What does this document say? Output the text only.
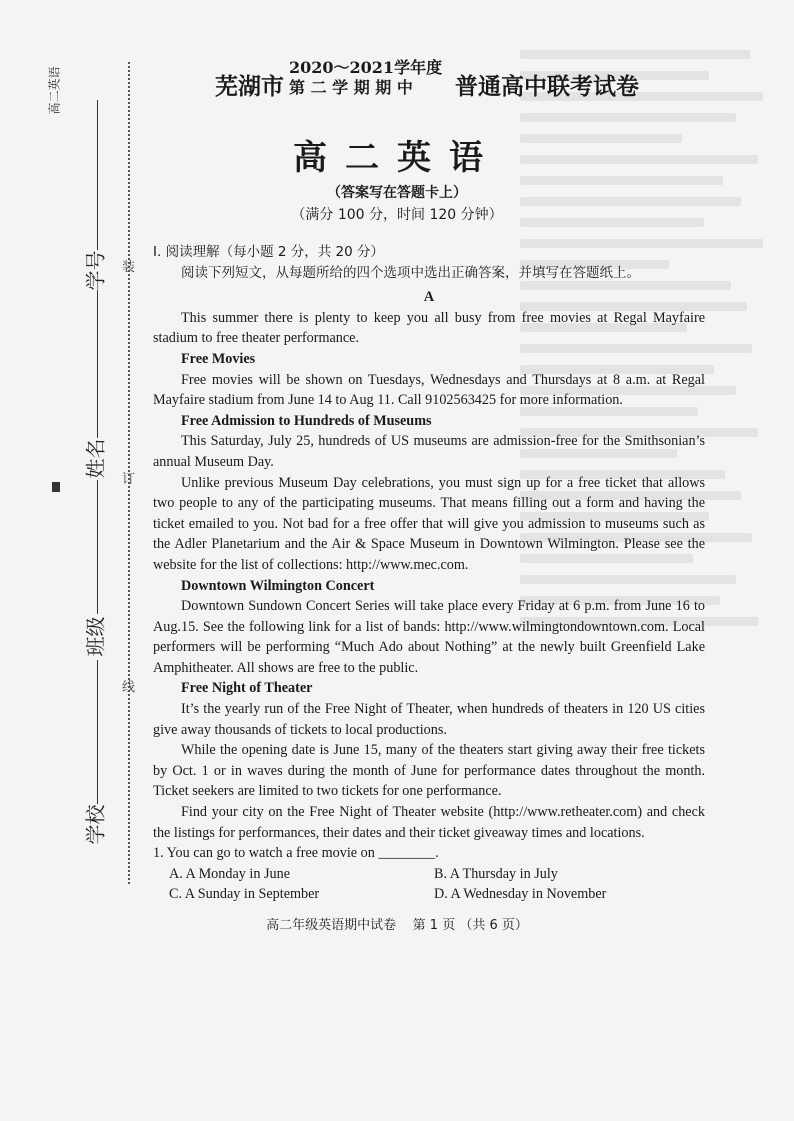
高二英语
学号
姓名
班级
学校
装
订
线
芜湖市
2020～2021学年度
第 二 学 期 期 中	普通高中联考试卷
高二英语
（答案写在答题卡上）
（满分 100 分，时间 120 分钟）

Ⅰ. 阅读理解（每小题 2 分，共 20 分）

阅读下列短文，从每题所给的四个选项中选出正确答案，并填写在答题纸上。

A

This summer there is plenty to keep you all busy from free movies at Regal Mayfaire stadium to free theater performance.

Free Movies

Free movies will be shown on Tuesdays, Wednesdays and Thursdays at 8 a.m. at Regal Mayfaire stadium from June 14 to Aug 11. Call 9102563425 for more information.

Free Admission to Hundreds of Museums

This Saturday, July 25, hundreds of US museums are admission-free for the Smithsonian’s annual Museum Day.

Unlike previous Museum Day celebrations, you must sign up for a free ticket that allows two people to any of the participating museums. That means filling out a form and having the ticket emailed to you. Not bad for a free offer that will give you admission to museums such as the Adler Planetarium and the Air & Space Museum in Downtown Wilmington. Please see the website for the list of collections: http://www.mec.com.

Downtown Wilmington Concert

Downtown Sundown Concert Series will take place every Friday at 6 p.m. from June 16 to Aug.15. See the following link for a list of bands: http://www.wilmingtondowntown.com. Local performers will be performing “Much Ado about Nothing” at the newly built Greenfield Lake Amphitheater. All shows are free to the public.

Free Night of Theater

It’s the yearly run of the Free Night of Theater, when hundreds of theaters in 120 US cities give away thousands of tickets to local productions.

While the opening date is June 15, many of the theaters start giving away their free tickets by Oct. 1 or in waves during the month of June for performance dates throughout the month. Ticket seekers are limited to two tickets for one performance.

Find your city on the Free Night of Theater website (http://www.retheater.com) and check the listings for performances, their dates and their ticket giveaway times and locations.

1. You can go to watch a free movie on ________.

A. A Monday in June	B. A Thursday in July
C. A Sunday in September	D. A Wednesday in November
高二年级英语期中试卷    第 1 页 （共 6 页）
